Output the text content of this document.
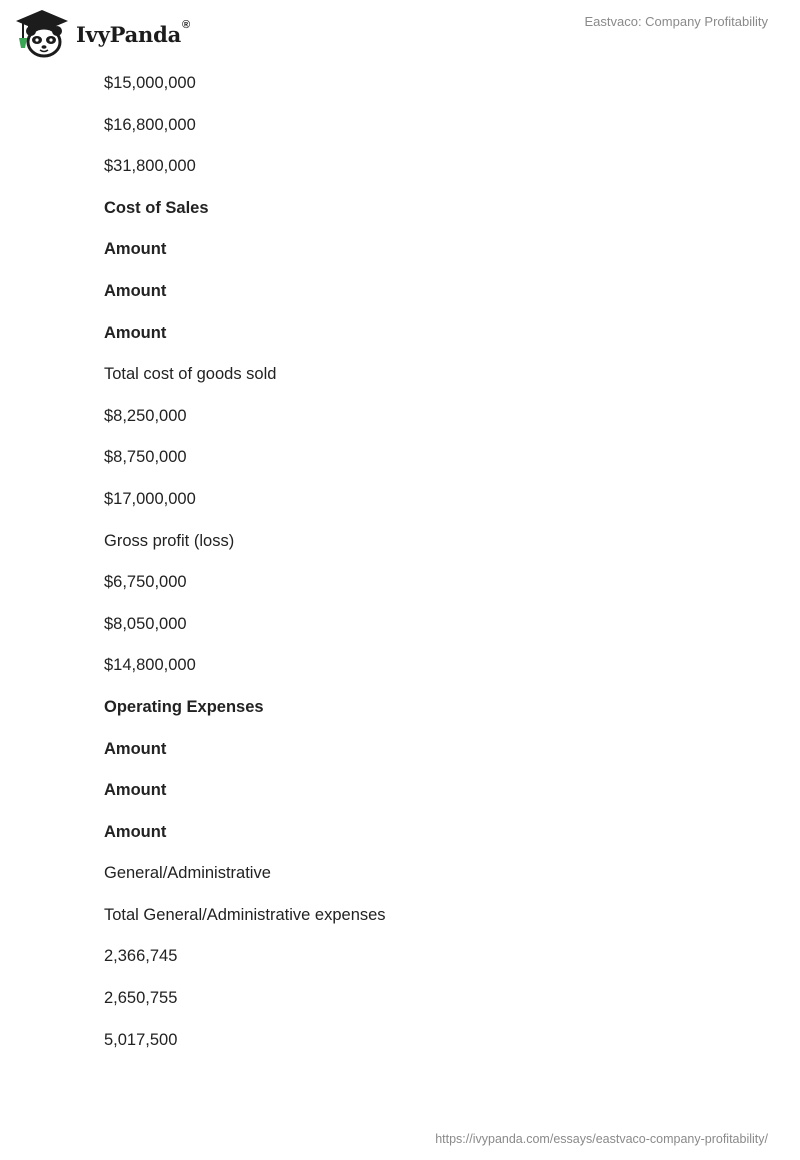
IvyPanda®	Eastvaco: Company Profitability
$15,000,000
$16,800,000
$31,800,000
Cost of Sales
Amount
Amount
Amount
Total cost of goods sold
$8,250,000
$8,750,000
$17,000,000
Gross profit (loss)
$6,750,000
$8,050,000
$14,800,000
Operating Expenses
Amount
Amount
Amount
General/Administrative
Total General/Administrative expenses
2,366,745
2,650,755
5,017,500
https://ivypanda.com/essays/eastvaco-company-profitability/
